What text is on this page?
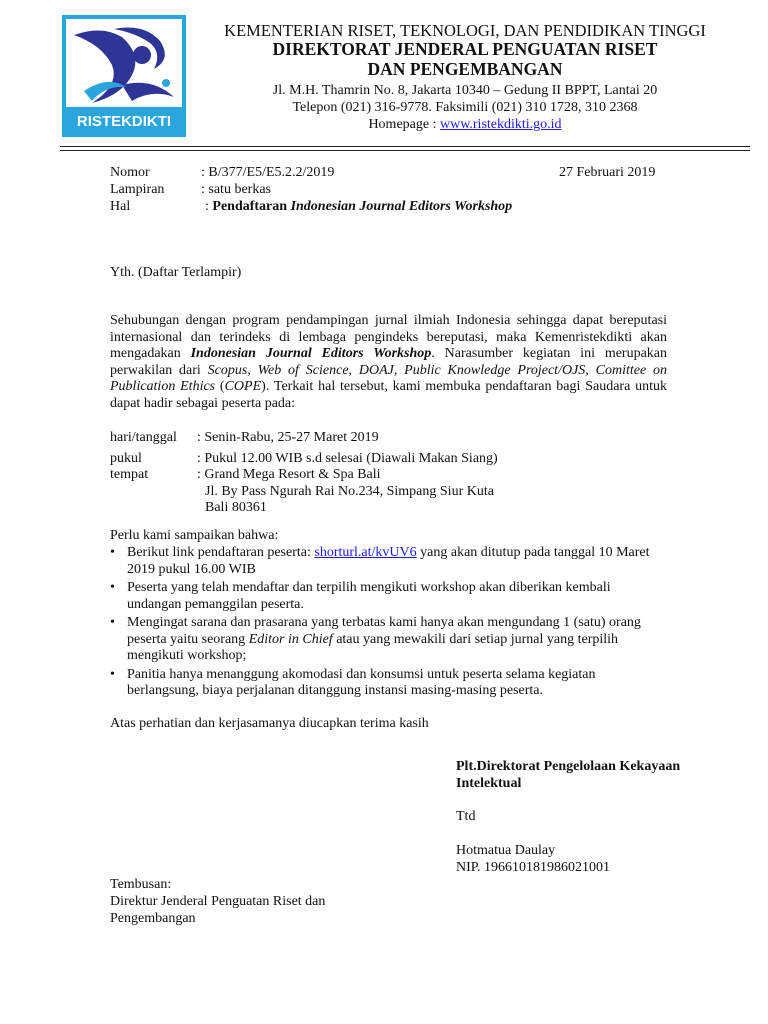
RISTEKDIKTI
KEMENTERIAN RISET, TEKNOLOGI, DAN PENDIDIKAN TINGGI
DIREKTORAT JENDERAL PENGUATAN RISET
DAN PENGEMBANGAN
Jl. M.H. Thamrin No. 8, Jakarta 10340 – Gedung II BPPT, Lantai 20
Telepon (021) 316-9778. Faksimili (021) 310 1728, 310 2368
Homepage : www.ristekdikti.go.id
Nomor	: B/377/E5/E5.2.2/2019	27 Februari 2019
Lampiran	: satu berkas
Hal	: Pendaftaran Indonesian Journal Editors Workshop
Yth. (Daftar Terlampir)
Sehubungan dengan program pendampingan jurnal ilmiah Indonesia sehingga dapat bereputasi internasional dan terindeks di lembaga pengindeks bereputasi, maka Kemenristekdikti akan mengadakan Indonesian Journal Editors Workshop. Narasumber kegiatan ini merupakan perwakilan dari Scopus, Web of Science, DOAJ, Public Knowledge Project/OJS, Comittee on Publication Ethics (COPE). Terkait hal tersebut, kami membuka pendaftaran bagi Saudara untuk dapat hadir sebagai peserta pada:
hari/tanggal : Senin-Rabu, 25-27 Maret 2019
pukul	: Pukul 12.00 WIB s.d selesai (Diawali Makan Siang)
tempat	: Grand Mega Resort & Spa Bali
Jl. By Pass Ngurah Rai No.234, Simpang Siur Kuta
Bali 80361
Perlu kami sampaikan bahwa:
• Berikut link pendaftaran peserta: shorturl.at/kvUV6 yang akan ditutup pada tanggal 10 Maret 2019 pukul 16.00 WIB
• Peserta yang telah mendaftar dan terpilih mengikuti workshop akan diberikan kembali undangan pemanggilan peserta.
• Mengingat sarana dan prasarana yang terbatas kami hanya akan mengundang 1 (satu) orang peserta yaitu seorang Editor in Chief atau yang mewakili dari setiap jurnal yang terpilih mengikuti workshop;
• Panitia hanya menanggung akomodasi dan konsumsi untuk peserta selama kegiatan berlangsung, biaya perjalanan ditanggung instansi masing-masing peserta.
Atas perhatian dan kerjasamanya diucapkan terima kasih
Plt.Direktorat Pengelolaan Kekayaan
Intelektual
Ttd
Hotmatua Daulay
NIP. 196610181986021001
Tembusan:
Direktur Jenderal Penguatan Riset dan
Pengembangan
